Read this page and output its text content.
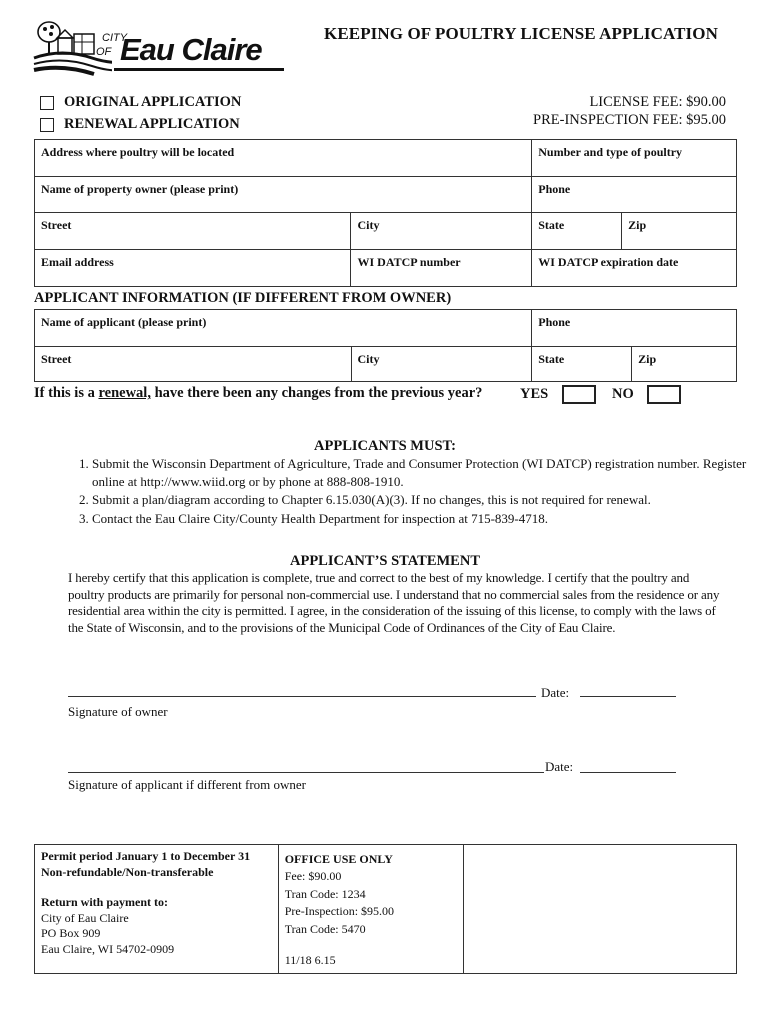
CITY
OF Eau Claire	KEEPING OF POULTRY LICENSE APPLICATION
ORIGINAL APPLICATION
RENEWAL APPLICATION
LICENSE FEE: $90.00
PRE-INSPECTION FEE: $95.00
Address where poultry will be located		Number and type of poultry	
Name of property owner (please print)		Phone	
Street	City	State	Zip
Email address	WI DATCP number	WI DATCP expiration date	
APPLICANT INFORMATION (IF DIFFERENT FROM OWNER)
Name of applicant (please print)		Phone	
Street	City	State	Zip
If this is a renewal, have there been any changes from the previous year?	YES	NO
APPLICANTS MUST:
1. Submit the Wisconsin Department of Agriculture, Trade and Consumer Protection (WI DATCP) registration number. Register online at http://www.wiid.org or by phone at 888-808-1910.
2. Submit a plan/diagram according to Chapter 6.15.030(A)(3). If no changes, this is not required for renewal.
3. Contact the Eau Claire City/County Health Department for inspection at 715-839-4718.
APPLICANT’S STATEMENT
I hereby certify that this application is complete, true and correct to the best of my knowledge. I certify that the poultry and poultry products are primarily for personal non-commercial use. I understand that no commercial sales from the residence or any residential area within the city is permitted. I agree, in the consideration of the issuing of this license, to comply with the laws of the State of Wisconsin, and to the provisions of the Municipal Code of Ordinances of the City of Eau Claire.
Date:
Signature of owner
Date:
Signature of applicant if different from owner
Permit period January 1 to December 31
Non-refundable/Non-transferable
Return with payment to:
City of Eau Claire
PO Box 909
Eau Claire, WI 54702-0909

OFFICE USE ONLY
Fee: $90.00
Tran Code: 1234
Pre-Inspection: $95.00
Tran Code: 5470
11/18 6.15
